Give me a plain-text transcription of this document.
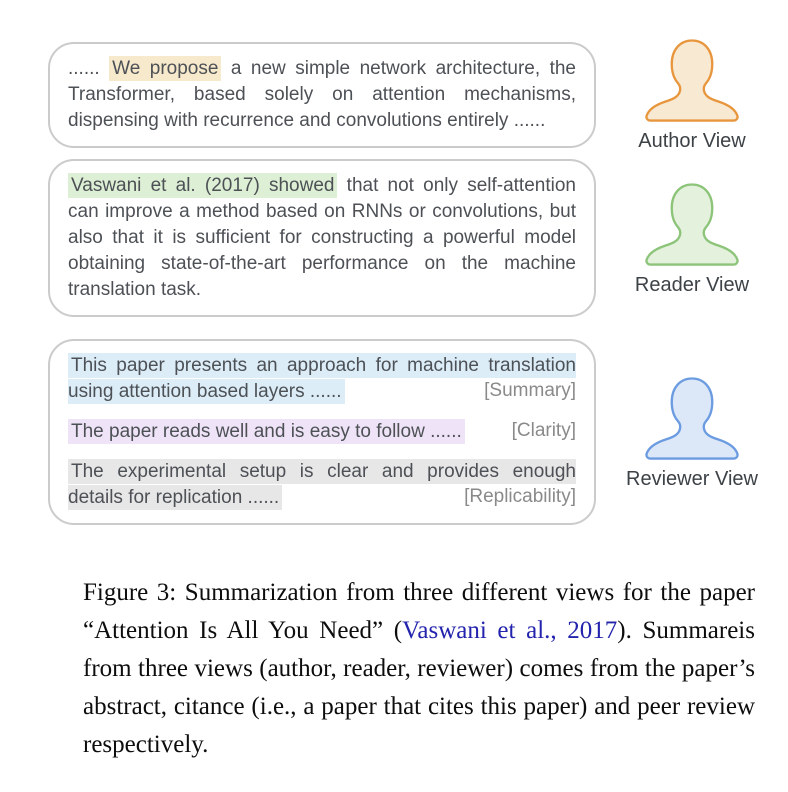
...... We propose a new simple network architecture, the Transformer, based solely on attention mechanisms, dispensing with recurrence and convolutions entirely ......

Author View

Vaswani et al. (2017) showed that not only self-attention can improve a method based on RNNs or convolutions, but also that it is sufficient for constructing a powerful model obtaining state-of-the-art performance on the machine translation task.	Reader View

This paper presents an approach for machine translation using attention based layers ......	[Summary]

The paper reads well and is easy to follow ......	[Clarity]

The experimental setup is clear and provides enough details for replication ......	[Replicability]
Reviewer View

Figure 3: Summarization from three different views for the paper “Attention Is All You Need” (Vaswani et al., 2017). Summareis from three views (author, reader, reviewer) comes from the paper’s abstract, citance (i.e., a paper that cites this paper) and peer review respectively.
